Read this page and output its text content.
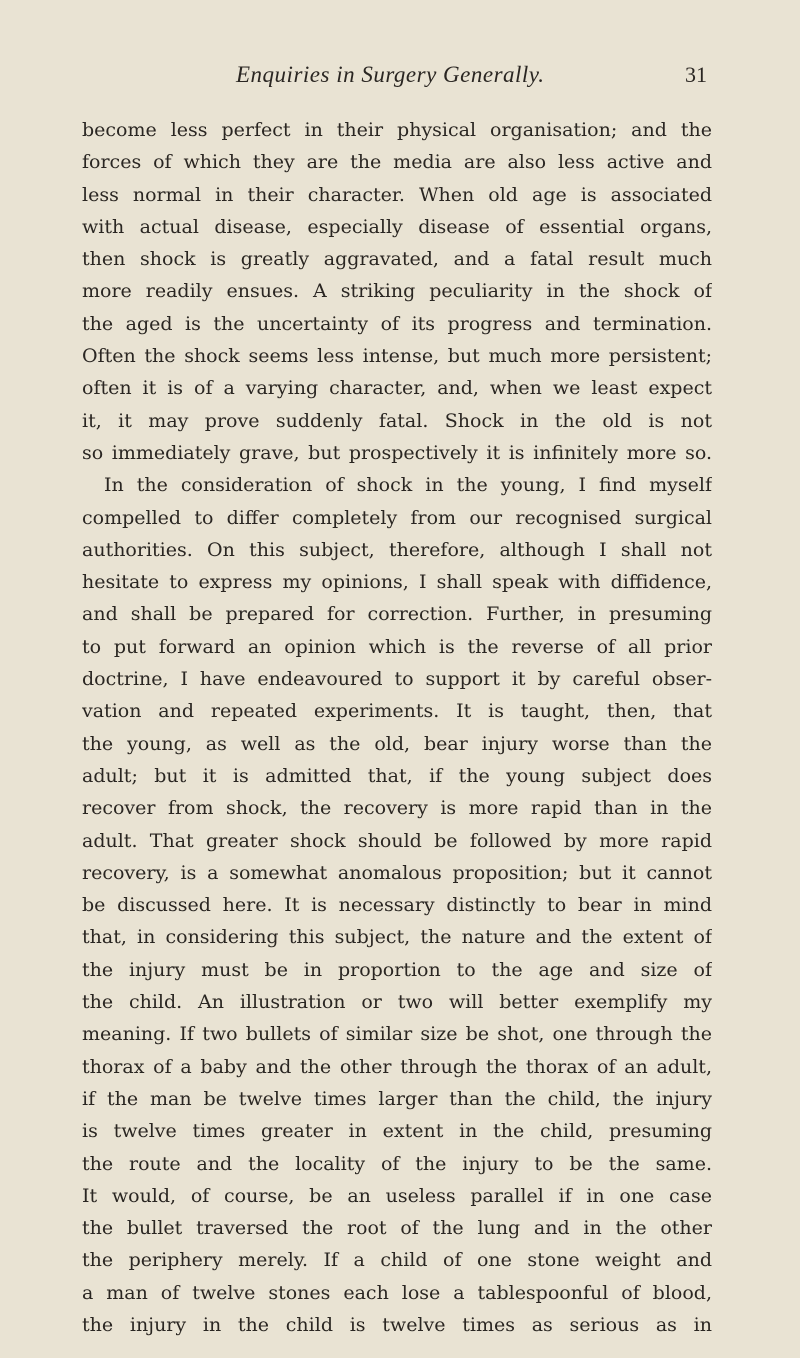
Enquiries in Surgery Generally.	31
become less perfect in their physical organisation; and the
forces of which they are the media are also less active and
less normal in their character. When old age is associated
with actual disease, especially disease of essential organs,
then shock is greatly aggravated, and a fatal result much
more readily ensues. A striking peculiarity in the shock of
the aged is the uncertainty of its progress and termination.
Often the shock seems less intense, but much more persistent;
often it is of a varying character, and, when we least expect
it, it may prove suddenly fatal. Shock in the old is not
so immediately grave, but prospectively it is infinitely more so.
In the consideration of shock in the young, I find myself
compelled to differ completely from our recognised surgical
authorities. On this subject, therefore, although I shall not
hesitate to express my opinions, I shall speak with diffidence,
and shall be prepared for correction. Further, in presuming
to put forward an opinion which is the reverse of all prior
doctrine, I have endeavoured to support it by careful obser-
vation and repeated experiments. It is taught, then, that
the young, as well as the old, bear injury worse than the
adult; but it is admitted that, if the young subject does
recover from shock, the recovery is more rapid than in the
adult. That greater shock should be followed by more rapid
recovery, is a somewhat anomalous proposition; but it cannot
be discussed here. It is necessary distinctly to bear in mind
that, in considering this subject, the nature and the extent of
the injury must be in proportion to the age and size of
the child. An illustration or two will better exemplify my
meaning. If two bullets of similar size be shot, one through the
thorax of a baby and the other through the thorax of an adult,
if the man be twelve times larger than the child, the injury
is twelve times greater in extent in the child, presuming
the route and the locality of the injury to be the same.
It would, of course, be an useless parallel if in one case
the bullet traversed the root of the lung and in the other
the periphery merely. If a child of one stone weight and
a man of twelve stones each lose a tablespoonful of blood,
the injury in the child is twelve times as serious as in
